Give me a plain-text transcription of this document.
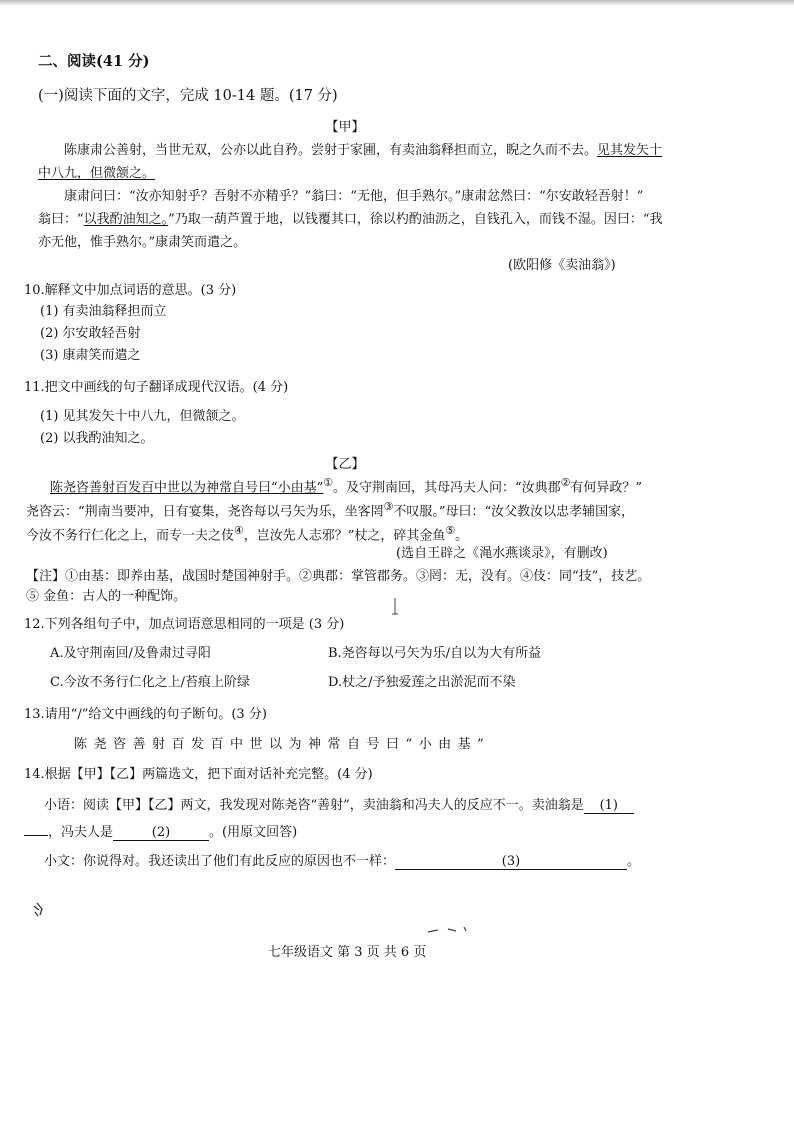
二、阅读(41 分)
(一)阅读下面的文字，完成 10-14 题。(17 分)
【甲】
陈康肃公善射，当世无双，公亦以此自矜。尝射于家圃，有卖油翁释担而立，睨之久而不去。见其发矢十
中八九，但微颔之。
康肃问曰：“汝亦知射乎？吾射不亦精乎？”翁曰：“无他，但手熟尔。”康肃忿然曰：“尔安敢轻吾射！”
翁曰：“以我酌油知之。”乃取一葫芦置于地，以钱覆其口，徐以杓酌油沥之，自钱孔入，而钱不湿。因曰：“我
亦无他，惟手熟尔。”康肃笑而遣之。
(欧阳修《卖油翁》)
10.解释文中加点词语的意思。(3 分)
(1) 有卖油翁释担而立
(2) 尔安敢轻吾射
(3) 康肃笑而遣之
11.把文中画线的句子翻译成现代汉语。(4 分)
(1) 见其发矢十中八九，但微颔之。
(2) 以我酌油知之。
【乙】
陈尧咨善射百发百中世以为神常自号曰“小由基”①。及守荆南回，其母冯夫人问：“汝典郡②有何异政？”
尧咨云：“荆南当要冲，日有宴集，尧咨每以弓矢为乐，坐客罔③不叹服。”母曰：“汝父教汝以忠孝辅国家，
今汝不务行仁化之上，而专一夫之伎④，岂汝先人志邪？”杖之，碎其金鱼⑤。
(选自王辟之《渑水燕谈录》，有删改)
【注】①由基：即养由基，战国时楚国神射手。②典郡：掌管郡务。③罔：无，没有。④伎：同“技”，技艺。
⑤ 金鱼：古人的一种配饰。
12.下列各组句子中，加点词语意思相同的一项是 (3 分)
A.及守荆南回/及鲁肃过寻阳	B.尧咨每以弓矢为乐/自以为大有所益
C.今汝不务行仁化之上/苔痕上阶绿	D.杖之/予独爱莲之出淤泥而不染
13.请用“/”给文中画线的句子断句。(3 分)
陈尧咨善射百发百中世以为神常自号曰“小由基”
14.根据【甲】【乙】两篇选文，把下面对话补充完整。(4 分)
小语：阅读【甲】【乙】两文，我发现对陈尧咨“善射”，卖油翁和冯夫人的反应不一。卖油翁是 (1)
，冯夫人是	(2)	。(用原文回答)
小文：你说得对。我还读出了他们有此反应的原因也不一样：	(3)	。
七年级语文 第 3 页 共 6 页
